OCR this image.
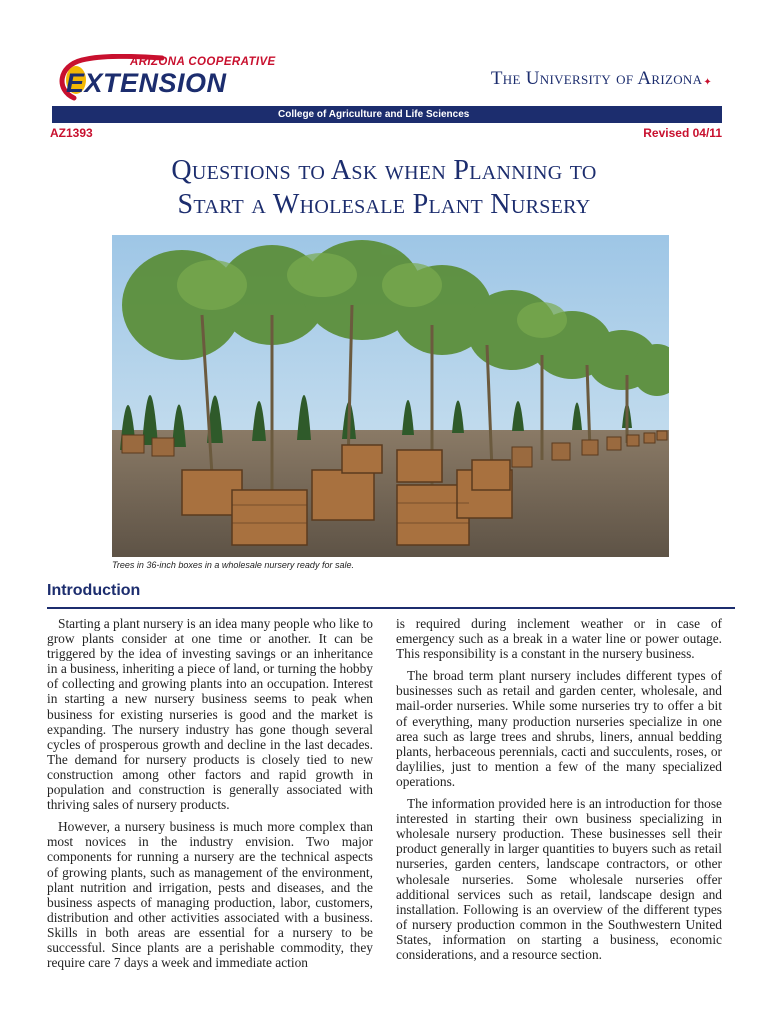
ARIZONA COOPERATIVE
EXTENSION	The University of Arizona✦
College of Agriculture and Life Sciences
AZ1393	Revised 04/11
Questions to Ask when Planning to
Start a Wholesale Plant Nursery
Trees in 36-inch boxes in a wholesale nursery ready for sale.
Introduction

Starting a plant nursery is an idea many people who like to grow plants consider at one time or another. It can be triggered by the idea of investing savings or an inheritance in a business, inheriting a piece of land, or turning the hobby of collecting and growing plants into an occupation. Interest in starting a new nursery business seems to peak when business for existing nurseries is good and the market is expanding. The nursery industry has gone though several cycles of prosperous growth and decline in the last decades. The demand for nursery products is closely tied to new construction among other factors and rapid growth in population and construction is generally associated with thriving sales of nursery products.

However, a nursery business is much more complex than most novices in the industry envision. Two major components for running a nursery are the technical aspects of growing plants, such as management of the environment, plant nutrition and irrigation, pests and diseases, and the business aspects of managing production, labor, customers, distribution and other activities associated with a business. Skills in both areas are essential for a nursery to be successful. Since plants are a perishable commodity, they require care 7 days a week and immediate action

is required during inclement weather or in case of emergency such as a break in a water line or power outage. This responsibility is a constant in the nursery business.

The broad term plant nursery includes different types of businesses such as retail and garden center, wholesale, and mail-order nurseries. While some nurseries try to offer a bit of everything, many production nurseries specialize in one area such as large trees and shrubs, liners, annual bedding plants, herbaceous perennials, cacti and succulents, roses, or daylilies, just to mention a few of the many specialized operations.

The information provided here is an introduction for those interested in starting their own business specializing in wholesale nursery production. These businesses sell their product generally in larger quantities to buyers such as retail nurseries, garden centers, landscape contractors, or other wholesale nurseries. Some wholesale nurseries offer additional services such as retail, landscape design and installation. Following is an overview of the different types of nursery production common in the Southwestern United States, information on starting a business, economic considerations, and a resource section.
